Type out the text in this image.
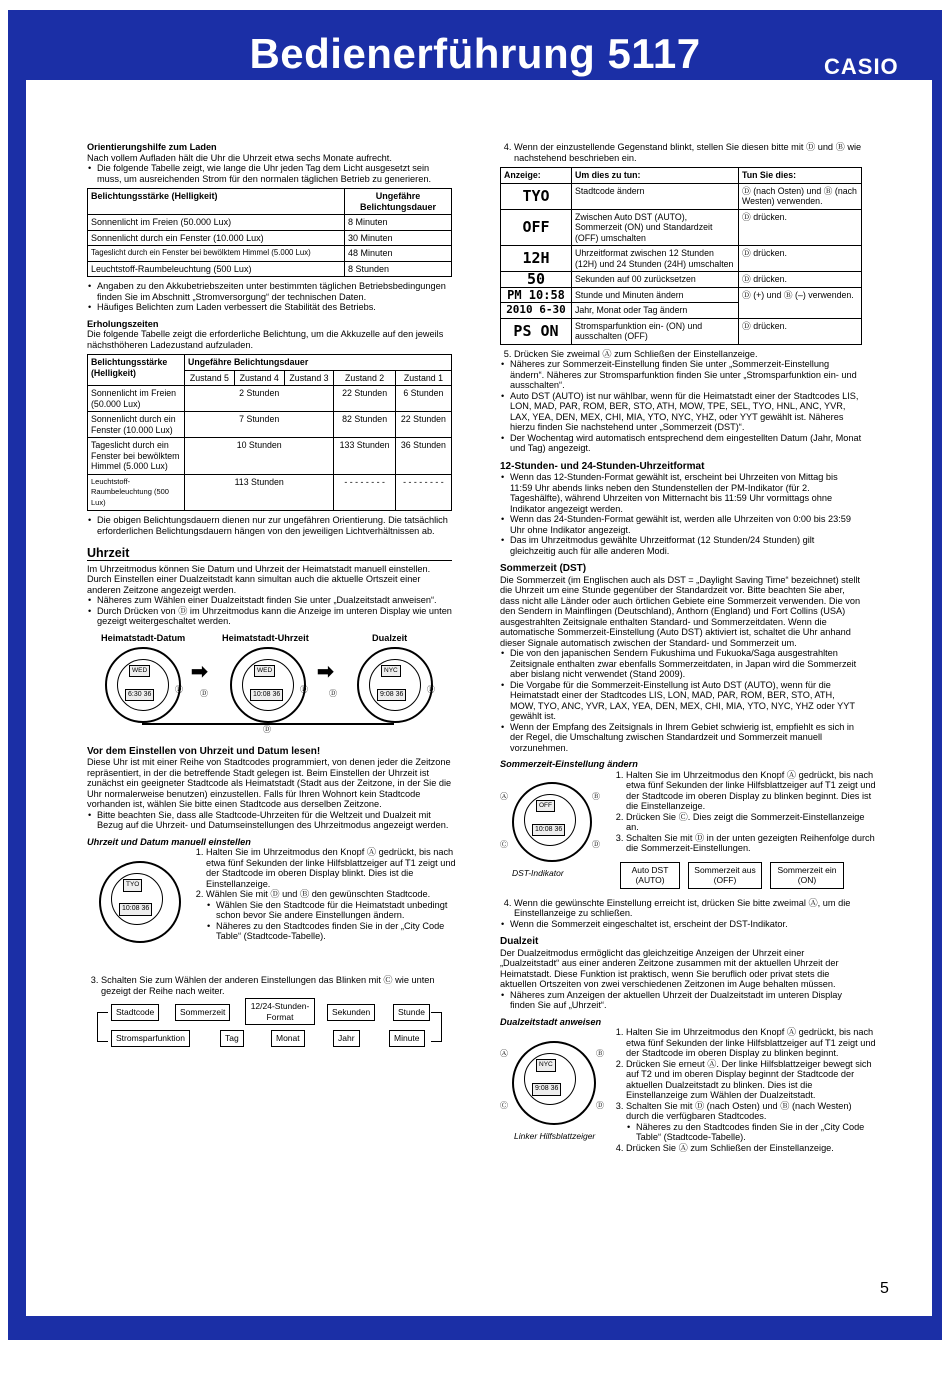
Bedienerführung 5117	CASIO
5

Orientierungshilfe zum Laden

Nach vollem Aufladen hält die Uhr die Uhrzeit etwa sechs Monate aufrecht.

• Die folgende Tabelle zeigt, wie lange die Uhr jeden Tag dem Licht ausgesetzt sein muss, um ausreichenden Strom für den normalen täglichen Betrieb zu generieren.
Belichtungsstärke (Helligkeit)	Ungefähre Belichtungsdauer
Sonnenlicht im Freien (50.000 Lux)	8 Minuten
Sonnenlicht durch ein Fenster (10.000 Lux)	30 Minuten
Tageslicht durch ein Fenster bei bewölktem Himmel (5.000 Lux)	48 Minuten
Leuchtstoff-Raumbeleuchtung (500 Lux)	8 Stunden
• Angaben zu den Akkubetriebszeiten unter bestimmten täglichen Betriebsbedingungen finden Sie im Abschnitt „Stromversorgung“ der technischen Daten.
• Häufiges Belichten zum Laden verbessert die Stabilität des Betriebs.

Erholungszeiten

Die folgende Tabelle zeigt die erforderliche Belichtung, um die Akkuzelle auf den jeweils nächsthöheren Ladezustand aufzuladen.

Belichtungsstärke (Helligkeit)	Ungefähre Belichtungsdauer				
	Zustand 5	Zustand 4	Zustand 3	Zustand 2	Zustand 1
Sonnenlicht im Freien (50.000 Lux)	2 Stunden			22 Stunden	6 Stunden
Sonnenlicht durch ein Fenster (10.000 Lux)	7 Stunden			82 Stunden	22 Stunden
Tageslicht durch ein Fenster bei bewölktem Himmel (5.000 Lux)	10 Stunden			133 Stunden	36 Stunden
Leuchtstoff-Raumbeleuchtung (500 Lux)	113 Stunden			- - - - - - - -	- - - - - - - -
• Die obigen Belichtungsdauern dienen nur zur ungefähren Orientierung. Die tatsächlich erforderlichen Belichtungsdauern hängen von den jeweiligen Lichtverhältnissen ab.

Uhrzeit

Im Uhrzeitmodus können Sie Datum und Uhrzeit der Heimatstadt manuell einstellen. Durch Einstellen einer Dualzeitstadt kann simultan auch die aktuelle Ortszeit einer anderen Zeitzone angezeigt werden.

• Näheres zum Wählen einer Dualzeitstadt finden Sie unter „Dualzeitstadt anweisen“.
• Durch Drücken von Ⓓ im Uhrzeitmodus kann die Anzeige im unteren Display wie unten gezeigt weitergeschaltet werden.
Heimatstadt-Datum	Heimatstadt-Uhrzeit	Dualzeit
WED
6:30 36
Ⓓ
➡	WED
10:08 36
Ⓓ	Ⓓ
➡
Ⓓ
NYC
9:08 36
Ⓓ
Ⓓ

Vor dem Einstellen von Uhrzeit und Datum lesen!

Diese Uhr ist mit einer Reihe von Stadtcodes programmiert, von denen jeder die Zeitzone repräsentiert, in der die betreffende Stadt gelegen ist. Beim Einstellen der Uhrzeit ist zunächst ein geeigneter Stadtcode als Heimatstadt (Stadt aus der Zeitzone, in der Sie die Uhr normalerweise benutzen) einzustellen. Falls für Ihren Wohnort kein Stadtcode vorhanden ist, wählen Sie bitte einen Stadtcode aus derselben Zeitzone.

• Bitte beachten Sie, dass alle Stadtcode-Uhrzeiten für die Weltzeit und Dualzeit mit Bezug auf die Uhrzeit- und Datumseinstellungen des Uhrzeitmodus angezeigt werden.

Uhrzeit und Datum manuell einstellen

TYO
10:08 36
1. Halten Sie im Uhrzeitmodus den Knopf Ⓐ gedrückt, bis nach etwa fünf Sekunden der linke Hilfsblattzeiger auf T1 zeigt und der Stadtcode im oberen Display blinkt. Dies ist die Einstellanzeige.
2. Wählen Sie mit Ⓓ und Ⓑ den gewünschten Stadtcode.
• Wählen Sie den Stadtcode für die Heimatstadt unbedingt schon bevor Sie andere Einstellungen ändern.
• Näheres zu den Stadtcodes finden Sie in der „City Code Table“ (Stadtcode-Tabelle).
3. Schalten Sie zum Wählen der anderen Einstellungen das Blinken mit Ⓒ wie unten gezeigt der Reihe nach weiter.
Stadtcode	Sommerzeit
12/24-Stunden-Format	Sekunden	Stunde
Stromsparfunktion	Tag	Monat	Jahr	Minute
4. Wenn der einzustellende Gegenstand blinkt, stellen Sie diesen bitte mit Ⓓ und Ⓑ wie nachstehend beschrieben ein.
Anzeige:	Um dies zu tun:	Tun Sie dies:
TYO	Stadtcode ändern	Ⓓ (nach Osten) und Ⓑ (nach Westen) verwenden.
OFF	Zwischen Auto DST (AUTO), Sommerzeit (ON) und Standardzeit (OFF) umschalten	Ⓓ drücken.
12H	Uhrzeitformat zwischen 12 Stunden (12H) und 24 Stunden (24H) umschalten	Ⓓ drücken.
50	Sekunden auf 00 zurücksetzen	Ⓓ drücken.
PM 10:58	Stunde und Minuten ändern	Ⓓ (+) und Ⓑ (–) verwenden.
2010 6-30	Jahr, Monat oder Tag ändern	
PS ON	Stromsparfunktion ein- (ON) und ausschalten (OFF)	Ⓓ drücken.
5. Drücken Sie zweimal Ⓐ zum Schließen der Einstellanzeige.
• Näheres zur Sommerzeit-Einstellung finden Sie unter „Sommerzeit-Einstellung ändern“. Näheres zur Stromsparfunktion finden Sie unter „Stromsparfunktion ein- und ausschalten“.
• Auto DST (AUTO) ist nur wählbar, wenn für die Heimatstadt einer der Stadtcodes LIS, LON, MAD, PAR, ROM, BER, STO, ATH, MOW, TPE, SEL, TYO, HNL, ANC, YVR, LAX, YEA, DEN, MEX, CHI, MIA, YTO, NYC, YHZ, oder YYT gewählt ist. Näheres hierzu finden Sie nachstehend unter „Sommerzeit (DST)“.
• Der Wochentag wird automatisch entsprechend dem eingestellten Datum (Jahr, Monat und Tag) angezeigt.

12-Stunden- und 24-Stunden-Uhrzeitformat

• Wenn das 12-Stunden-Format gewählt ist, erscheint bei Uhrzeiten von Mittag bis 11:59 Uhr abends links neben den Stundenstellen der PM-Indikator (für 2. Tageshälfte), während Uhrzeiten von Mitternacht bis 11:59 Uhr vormittags ohne Indikator angezeigt werden.
• Wenn das 24-Stunden-Format gewählt ist, werden alle Uhrzeiten von 0:00 bis 23:59 Uhr ohne Indikator angezeigt.
• Das im Uhrzeitmodus gewählte Uhrzeitformat (12 Stunden/24 Stunden) gilt gleichzeitig auch für alle anderen Modi.

Sommerzeit (DST)

Die Sommerzeit (im Englischen auch als DST = „Daylight Saving Time“ bezeichnet) stellt die Uhrzeit um eine Stunde gegenüber der Standardzeit vor. Bitte beachten Sie aber, dass nicht alle Länder oder auch örtlichen Gebiete eine Sommerzeit verwenden. Die von den Sendern in Mainflingen (Deutschland), Anthorn (England) und Fort Collins (USA) ausgestrahlten Zeitsignale enthalten Standard- und Sommerzeitdaten. Wenn die automatische Sommerzeit-Einstellung (Auto DST) aktiviert ist, schaltet die Uhr anhand dieser Signale automatisch zwischen der Standard- und Sommerzeit um.

• Die von den japanischen Sendern Fukushima und Fukuoka/Saga ausgestrahlten Zeitsignale enthalten zwar ebenfalls Sommerzeitdaten, in Japan wird die Sommerzeit aber bislang nicht verwendet (Stand 2009).
• Die Vorgabe für die Sommerzeit-Einstellung ist Auto DST (AUTO), wenn für die Heimatstadt einer der Stadtcodes LIS, LON, MAD, PAR, ROM, BER, STO, ATH, MOW, TYO, ANC, YVR, LAX, YEA, DEN, MEX, CHI, MIA, YTO, NYC, YHZ oder YYT gewählt ist.
• Wenn der Empfang des Zeitsignals in Ihrem Gebiet schwierig ist, empfiehlt es sich in der Regel, die Umschaltung zwischen Standardzeit und Sommerzeit manuell vorzunehmen.

Sommerzeit-Einstellung ändern

Ⓐ
Ⓒ
OFF
10:08 36
Ⓑ
Ⓓ
DST-Indikator
1. Halten Sie im Uhrzeitmodus den Knopf Ⓐ gedrückt, bis nach etwa fünf Sekunden der linke Hilfsblattzeiger auf T1 zeigt und der Stadtcode im oberen Display zu blinken beginnt. Dies ist die Einstellanzeige.
2. Drücken Sie Ⓒ. Dies zeigt die Sommerzeit-Einstellanzeige an.
3. Schalten Sie mit Ⓓ in der unten gezeigten Reihenfolge durch die Sommerzeit-Einstellungen.
Auto DST (AUTO)
Sommerzeit aus (OFF)
Sommerzeit ein (ON)
4. Wenn die gewünschte Einstellung erreicht ist, drücken Sie bitte zweimal Ⓐ, um die Einstellanzeige zu schließen.
• Wenn die Sommerzeit eingeschaltet ist, erscheint der DST-Indikator.

Dualzeit

Der Dualzeitmodus ermöglicht das gleichzeitige Anzeigen der Uhrzeit einer „Dualzeitstadt“ aus einer anderen Zeitzone zusammen mit der aktuellen Uhrzeit der Heimatstadt. Diese Funktion ist praktisch, wenn Sie beruflich oder privat stets die aktuellen Ortszeiten von zwei verschiedenen Zeitzonen im Auge behalten müssen.

• Näheres zum Anzeigen der aktuellen Uhrzeit der Dualzeitstadt im unteren Display finden Sie auf „Uhrzeit“.

Dualzeitstadt anweisen

Ⓐ
Ⓒ
NYC
9:08 36
Ⓑ
Ⓓ
Linker Hilfsblattzeiger
1. Halten Sie im Uhrzeitmodus den Knopf Ⓐ gedrückt, bis nach etwa fünf Sekunden der linke Hilfsblattzeiger auf T1 zeigt und der Stadtcode im oberen Display zu blinken beginnt.
2. Drücken Sie erneut Ⓐ. Der linke Hilfsblattzeiger bewegt sich auf T2 und im oberen Display beginnt der Stadtcode der aktuellen Dualzeitstadt zu blinken. Dies ist die Einstellanzeige zum Wählen der Dualzeitstadt.
3. Schalten Sie mit Ⓓ (nach Osten) und Ⓑ (nach Westen) durch die verfügbaren Stadtcodes.
• Näheres zu den Stadtcodes finden Sie in der „City Code Table“ (Stadtcode-Tabelle).
4. Drücken Sie Ⓐ zum Schließen der Einstellanzeige.
